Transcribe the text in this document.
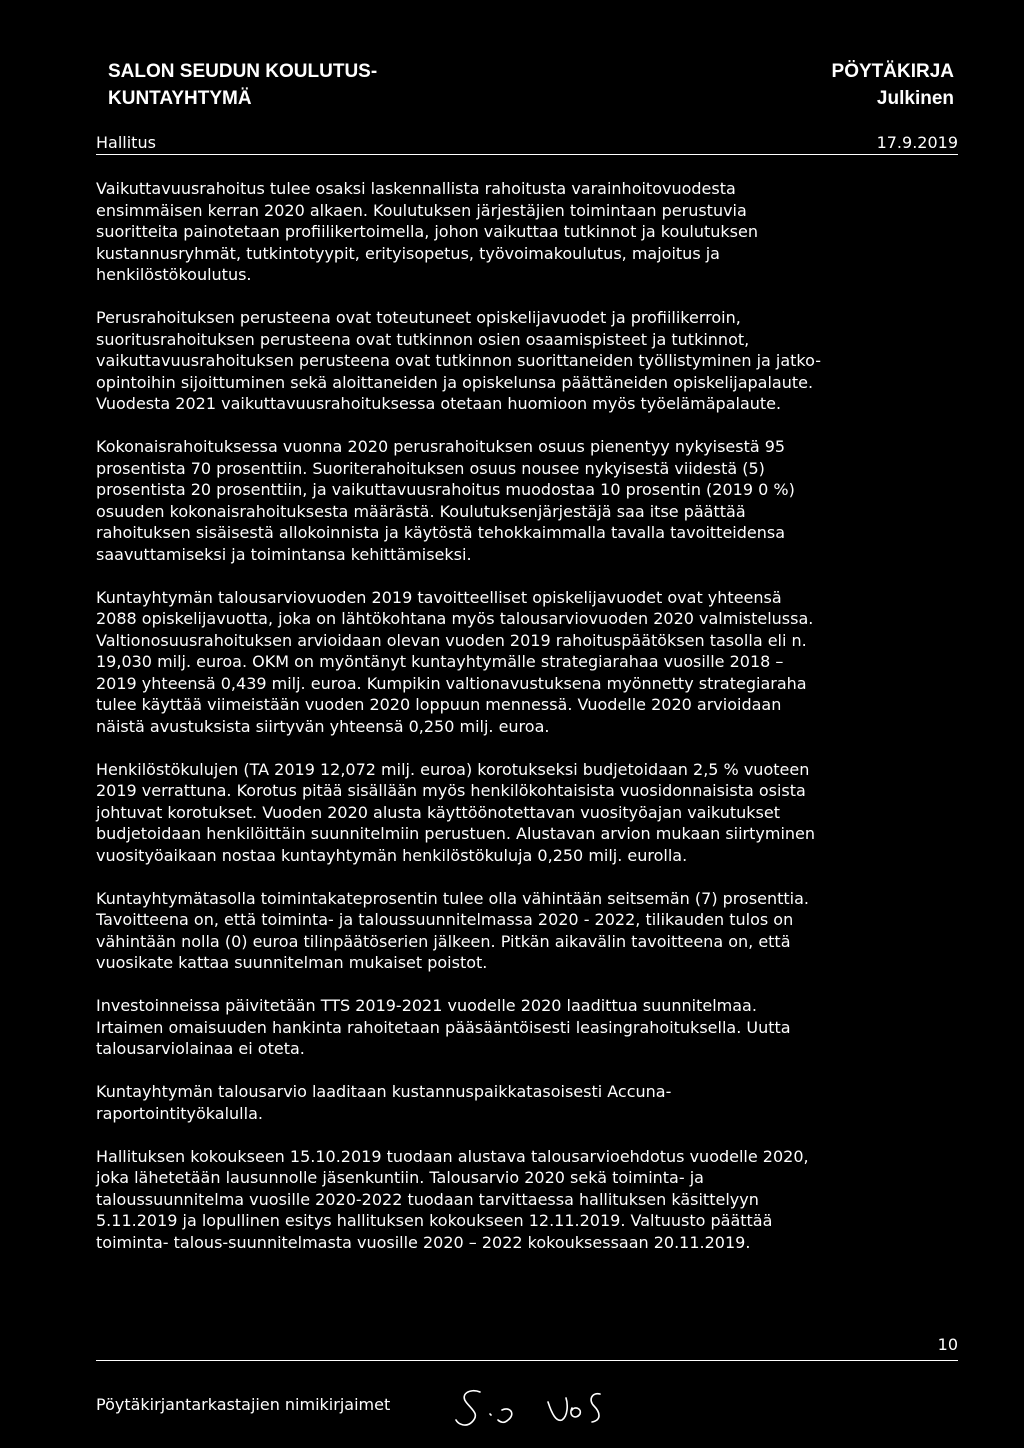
SALON SEUDUN KOULUTUS-
KUNTAYHTYMÄ
PÖYTÄKIRJA
Julkinen
Hallitus	17.9.2019

Vaikuttavuusrahoitus tulee osaksi laskennallista rahoitusta varainhoitovuodesta
ensimmäisen kerran 2020 alkaen. Koulutuksen järjestäjien toimintaan perustuvia
suoritteita painotetaan profiilikertoimella, johon vaikuttaa tutkinnot ja koulutuksen
kustannusryhmät, tutkintotyypit, erityisopetus, työvoimakoulutus, majoitus ja
henkilöstökoulutus.

Perusrahoituksen perusteena ovat toteutuneet opiskelijavuodet ja profiilikerroin,
suoritusrahoituksen perusteena ovat tutkinnon osien osaamispisteet ja tutkinnot,
vaikuttavuusrahoituksen perusteena ovat tutkinnon suorittaneiden työllistyminen ja jatko-
opintoihin sijoittuminen sekä aloittaneiden ja opiskelunsa päättäneiden opiskelijapalaute.
Vuodesta 2021 vaikuttavuusrahoituksessa otetaan huomioon myös työelämäpalaute.

Kokonaisrahoituksessa vuonna 2020 perusrahoituksen osuus pienentyy nykyisestä 95
prosentista 70 prosenttiin. Suoriterahoituksen osuus nousee nykyisestä viidestä (5)
prosentista 20 prosenttiin, ja vaikuttavuusrahoitus muodostaa 10 prosentin (2019 0 %)
osuuden kokonaisrahoituksesta määrästä. Koulutuksenjärjestäjä saa itse päättää
rahoituksen sisäisestä allokoinnista ja käytöstä tehokkaimmalla tavalla tavoitteidensa
saavuttamiseksi ja toimintansa kehittämiseksi.

Kuntayhtymän talousarviovuoden 2019 tavoitteelliset opiskelijavuodet ovat yhteensä
2088 opiskelijavuotta, joka on lähtökohtana myös talousarviovuoden 2020 valmistelussa.
Valtionosuusrahoituksen arvioidaan olevan vuoden 2019 rahoituspäätöksen tasolla eli n.
19,030 milj. euroa. OKM on myöntänyt kuntayhtymälle strategiarahaa vuosille 2018 –
2019 yhteensä 0,439 milj. euroa. Kumpikin valtionavustuksena myönnetty strategiaraha
tulee käyttää viimeistään vuoden 2020 loppuun mennessä. Vuodelle 2020 arvioidaan
näistä avustuksista siirtyvän yhteensä 0,250 milj. euroa.

Henkilöstökulujen (TA 2019 12,072 milj. euroa) korotukseksi budjetoidaan 2,5 % vuoteen
2019 verrattuna. Korotus pitää sisällään myös henkilökohtaisista vuosidonnaisista osista
johtuvat korotukset. Vuoden 2020 alusta käyttöönotettavan vuosityöajan vaikutukset
budjetoidaan henkilöittäin suunnitelmiin perustuen. Alustavan arvion mukaan siirtyminen
vuosityöaikaan nostaa kuntayhtymän henkilöstökuluja 0,250 milj. eurolla.

Kuntayhtymätasolla toimintakateprosentin tulee olla vähintään seitsemän (7) prosenttia.
Tavoitteena on, että toiminta- ja taloussuunnitelmassa 2020 - 2022, tilikauden tulos on
vähintään nolla (0) euroa tilinpäätöserien jälkeen. Pitkän aikavälin tavoitteena on, että
vuosikate kattaa suunnitelman mukaiset poistot.

Investoinneissa päivitetään TTS 2019-2021 vuodelle 2020 laadittua suunnitelmaa.
Irtaimen omaisuuden hankinta rahoitetaan pääsääntöisesti leasingrahoituksella. Uutta
talousarviolainaa ei oteta.

Kuntayhtymän talousarvio laaditaan kustannuspaikkatasoisesti Accuna-
raportointityökalulla.

Hallituksen kokoukseen 15.10.2019 tuodaan alustava talousarvioehdotus vuodelle 2020,
joka lähetetään lausunnolle jäsenkuntiin. Talousarvio 2020 sekä toiminta- ja
taloussuunnitelma vuosille 2020-2022 tuodaan tarvittaessa hallituksen käsittelyyn
5.11.2019 ja lopullinen esitys hallituksen kokoukseen 12.11.2019. Valtuusto päättää
toiminta- talous-suunnitelmasta vuosille 2020 – 2022 kokouksessaan 20.11.2019.

10
Pöytäkirjantarkastajien nimikirjaimet
